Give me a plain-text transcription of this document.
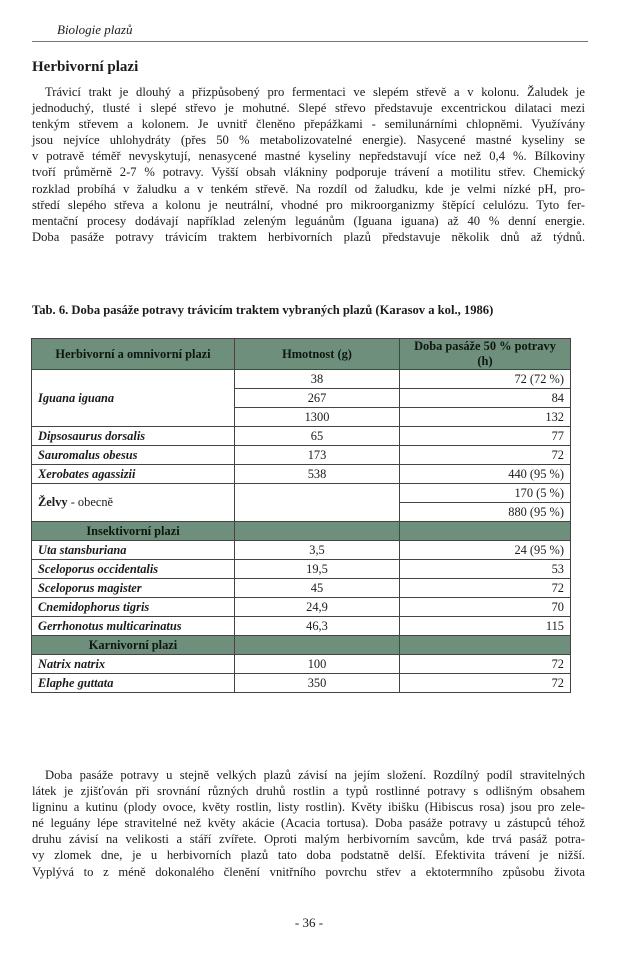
Biologie plazů
Herbivorní plazi

Trávicí trakt je dlouhý a přizpůsobený pro fermentaci ve slepém střevě a v kolonu. Žaludek je
jednoduchý, tlusté i slepé střevo je mohutné. Slepé střevo představuje excentrickou dilataci mezi
tenkým střevem a kolonem. Je uvnitř členěno přepážkami - semilunárními chlopněmi. Využívány
jsou nejvíce uhlohydráty (přes 50 % metabolizovatelné energie). Nasycené mastné kyseliny se
v potravě téměř nevyskytují, nenasycené mastné kyseliny nepředstavují více než 0,4 %. Bílkoviny
tvoří průměrně 2-7 % potravy. Vyšší obsah vlákniny podporuje trávení a motilitu střev. Chemický
rozklad probíhá v žaludku a v tenkém střevě. Na rozdíl od žaludku, kde je velmi nízké pH, pro-
středí slepého střeva a kolonu je neutrální, vhodné pro mikroorganizmy štěpící celulózu. Tyto fer-
mentační procesy dodávají například zeleným leguánům (Iguana iguana) až 40 % denní energie.
Doba pasáže potravy trávicím traktem herbivorních plazů představuje několik dnů až týdnů.

Tab. 6. Doba pasáže potravy trávicím traktem vybraných plazů (Karasov a kol., 1986)

Herbivorní a omnivorní plazi	Hmotnost (g)	Doba pasáže 50 % potravy (h)
Iguana iguana	38	72 (72 %)
	267	84
	1300	132
Dipsosaurus dorsalis	65	77
Sauromalus obesus	173	72
Xerobates agassizii	538	440 (95 %)
Želvy - obecně		170 (5 %)
		880 (95 %)
Insektivorní plazi		
Uta stansburiana	3,5	24 (95 %)
Sceloporus occidentalis	19,5	53
Sceloporus magister	45	72
Cnemidophorus tigris	24,9	70
Gerrhonotus multicarinatus	46,3	115
Karnivorní plazi		
Natrix natrix	100	72
Elaphe guttata	350	72

Doba pasáže potravy u stejně velkých plazů závisí na jejím složení. Rozdílný podíl stravitelných
látek je zjišťován při srovnání různých druhů rostlin a typů rostlinné potravy s odlišným obsahem
ligninu a kutinu (plody ovoce, květy rostlin, listy rostlin). Květy ibišku (Hibiscus rosa) jsou pro zele-
né leguány lépe stravitelné než květy akácie (Acacia tortusa). Doba pasáže potravy u zástupců téhož
druhu závisí na velikosti a stáří zvířete. Oproti malým herbivorním savcům, kde trvá pasáž potra-
vy zlomek dne, je u herbivorních plazů tato doba podstatně delší. Efektivita trávení je nižší.
Vyplývá to z méně dokonalého členění vnitřního povrchu střev a ektotermního způsobu života

- 36 -
